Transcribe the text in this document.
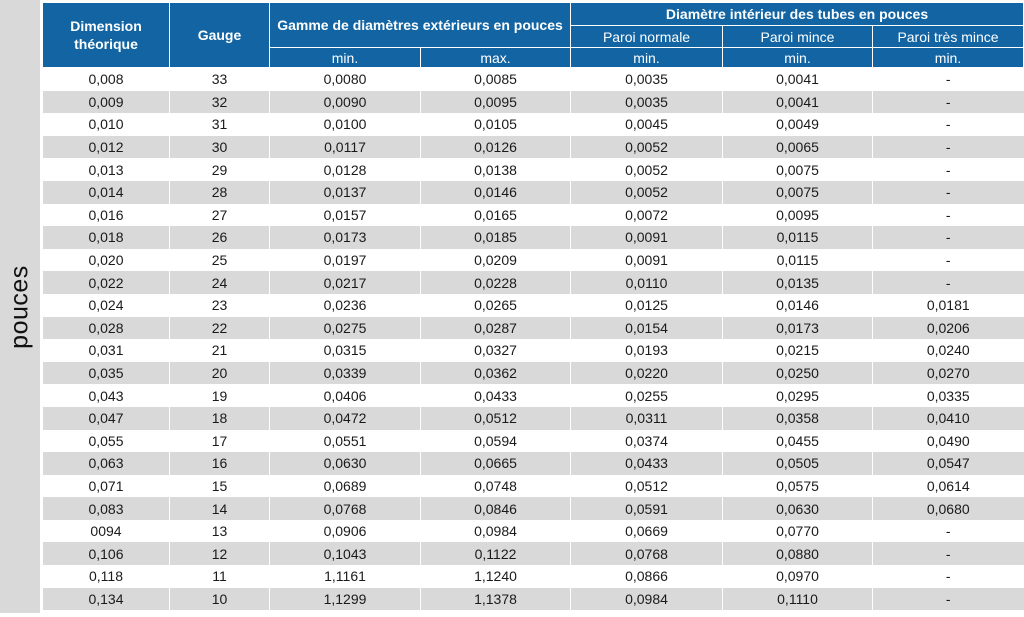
pouces
Dimension théorique	Gauge	Gamme de diamètres extérieurs en pouces		Diamètre intérieur des tubes en pouces		
				Paroi normale	Paroi mince	Paroi très mince
		min.	max.	min.	min.	min.
0,008	33	0,0080	0,0085	0,0035	0,0041	-
0,009	32	0,0090	0,0095	0,0035	0,0041	-
0,010	31	0,0100	0,0105	0,0045	0,0049	-
0,012	30	0,0117	0,0126	0,0052	0,0065	-
0,013	29	0,0128	0,0138	0,0052	0,0075	-
0,014	28	0,0137	0,0146	0,0052	0,0075	-
0,016	27	0,0157	0,0165	0,0072	0,0095	-
0,018	26	0,0173	0,0185	0,0091	0,0115	-
0,020	25	0,0197	0,0209	0,0091	0,0115	-
0,022	24	0,0217	0,0228	0,0110	0,0135	-
0,024	23	0,0236	0,0265	0,0125	0,0146	0,0181
0,028	22	0,0275	0,0287	0,0154	0,0173	0,0206
0,031	21	0,0315	0,0327	0,0193	0,0215	0,0240
0,035	20	0,0339	0,0362	0,0220	0,0250	0,0270
0,043	19	0,0406	0,0433	0,0255	0,0295	0,0335
0,047	18	0,0472	0,0512	0,0311	0,0358	0,0410
0,055	17	0,0551	0,0594	0,0374	0,0455	0,0490
0,063	16	0,0630	0,0665	0,0433	0,0505	0,0547
0,071	15	0,0689	0,0748	0,0512	0,0575	0,0614
0,083	14	0,0768	0,0846	0,0591	0,0630	0,0680
0094	13	0,0906	0,0984	0,0669	0,0770	-
0,106	12	0,1043	0,1122	0,0768	0,0880	-
0,118	11	1,1161	1,1240	0,0866	0,0970	-
0,134	10	1,1299	1,1378	0,0984	0,1110	-
